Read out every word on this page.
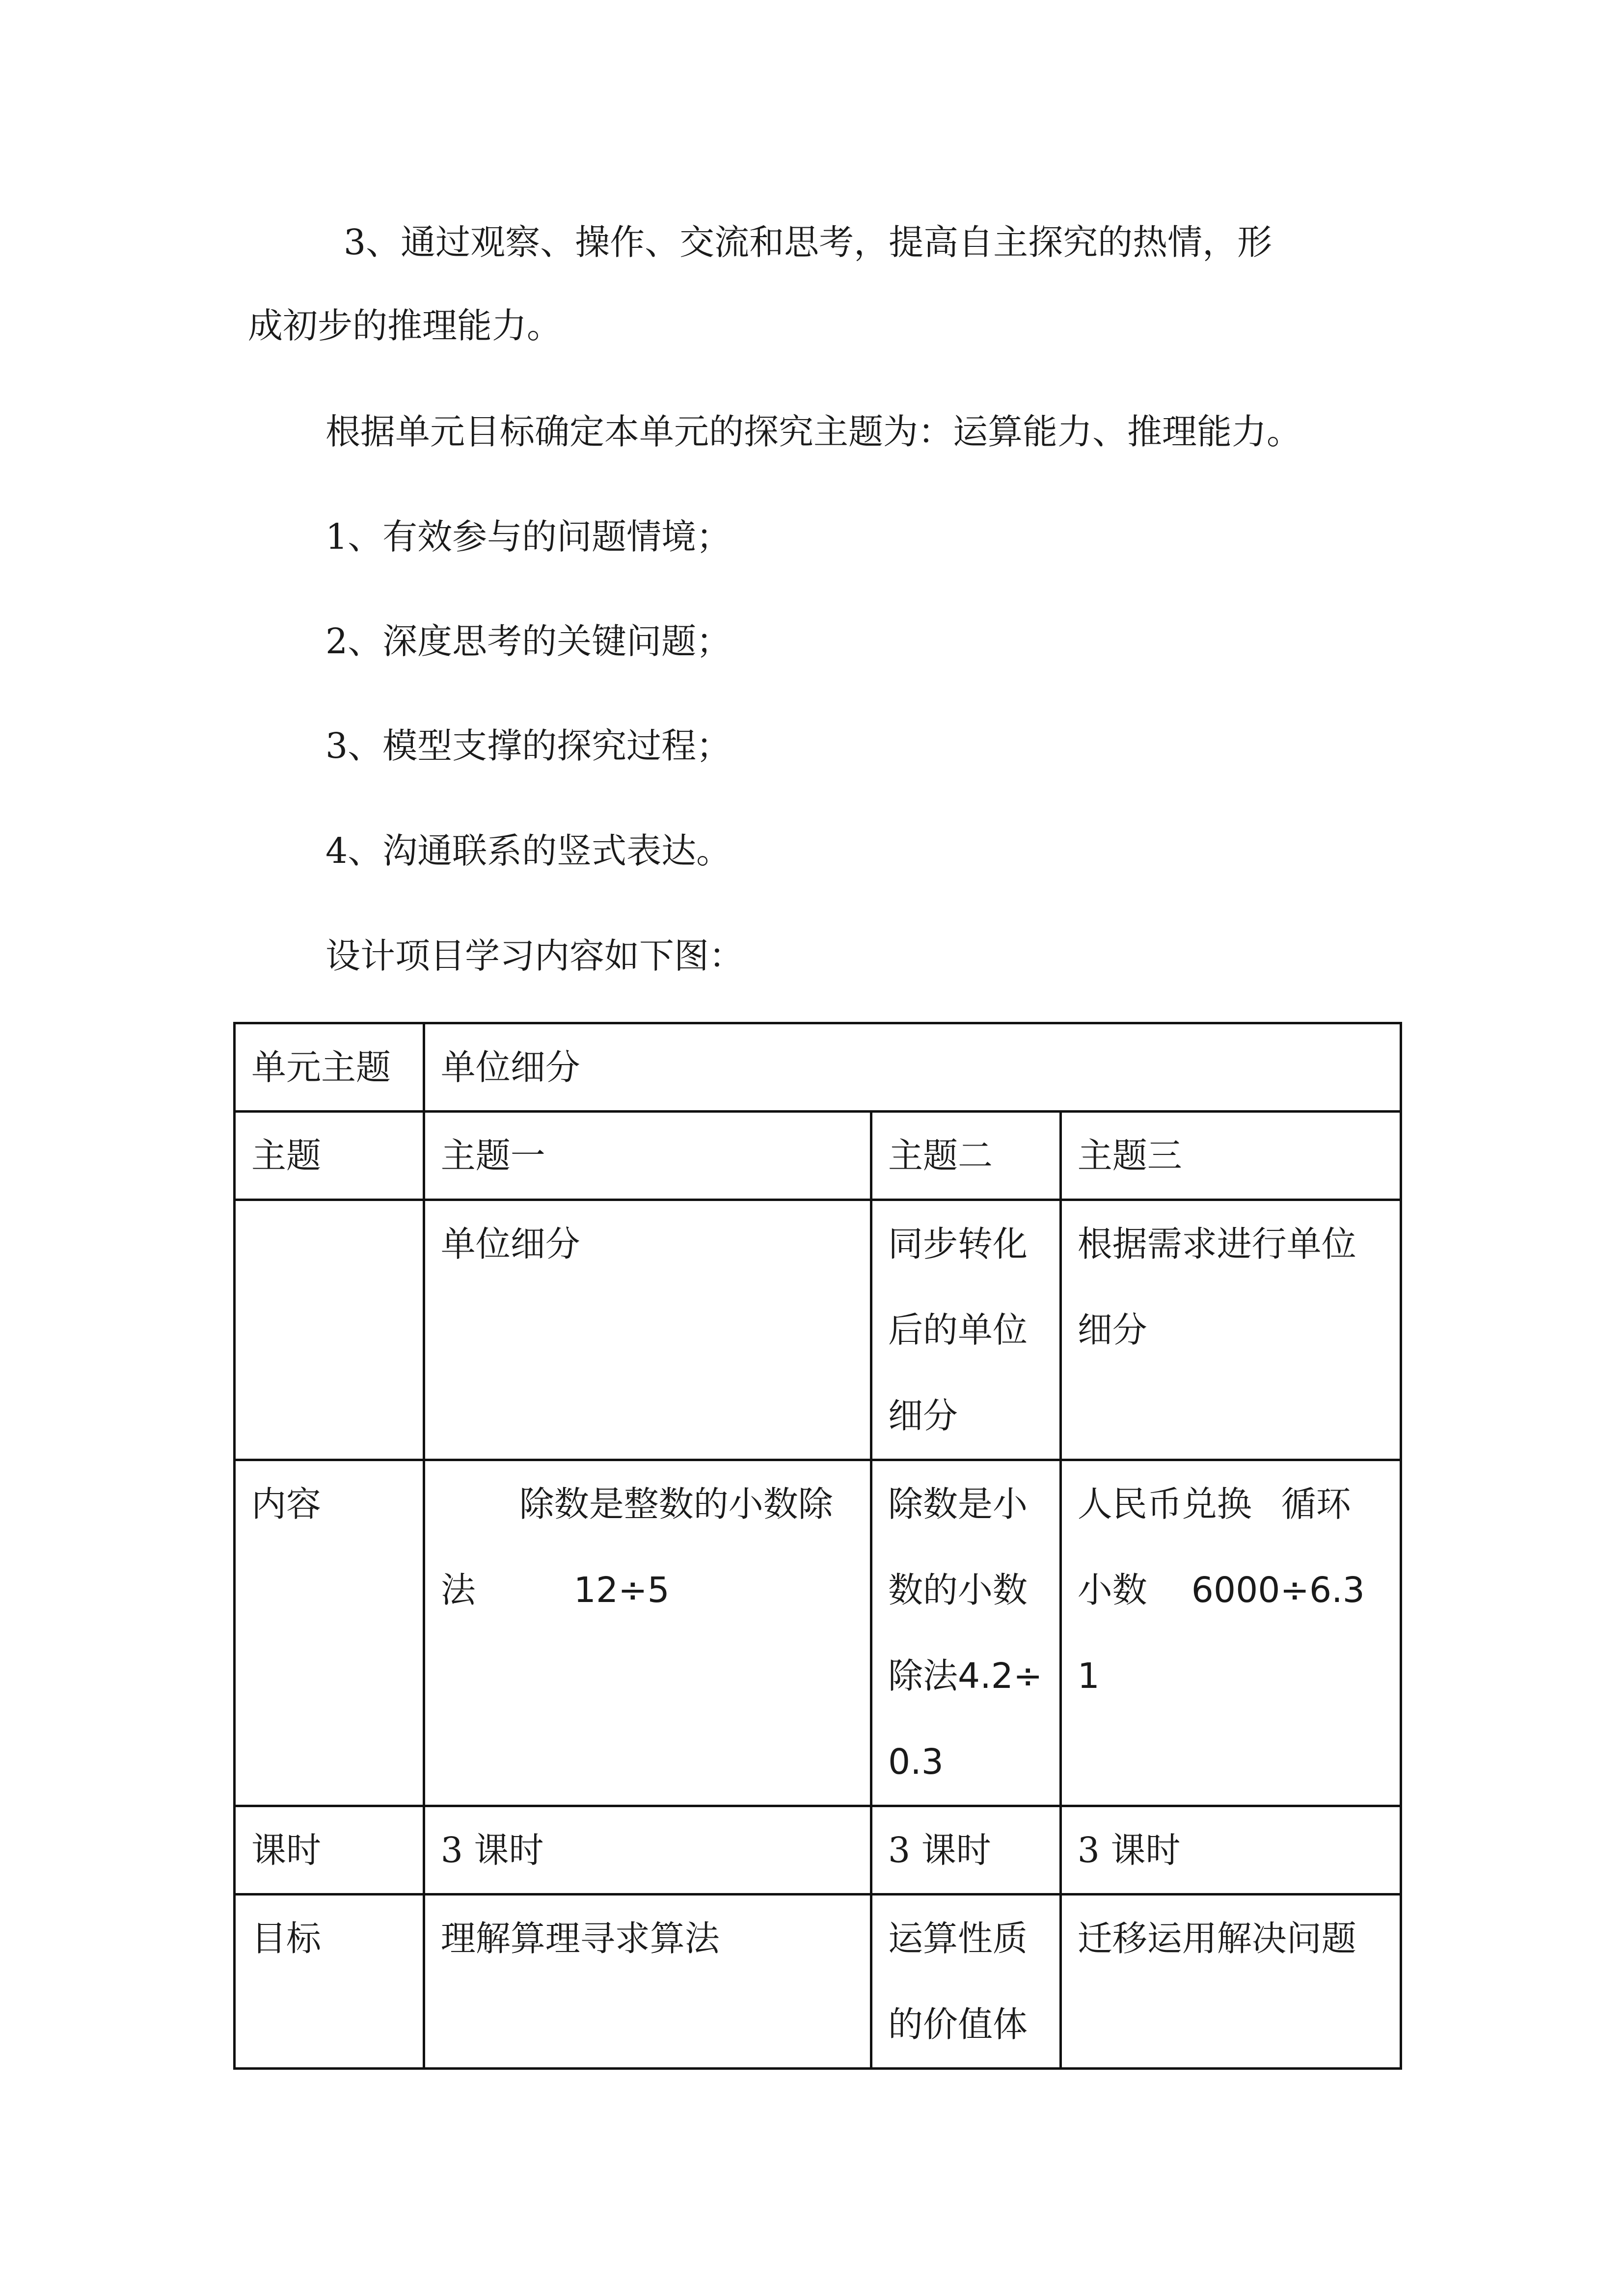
3、通过观察、操作、交流和思考，提高自主探究的热情，形
成初步的推理能力。
根据单元目标确定本单元的探究主题为：运算能力、推理能力。
1、有效参与的问题情境；
2、深度思考的关键问题；
3、模型支撑的探究过程；
4、沟通联系的竖式表达。
设计项目学习内容如下图：
单元主题	单位细分		
主题	主题一	主题二	主题三
	单位细分	同步转化后的单位细分	根据需求进行单位细分
内容	除数是整数的小数除法 12÷5	除数是小数的小数除法4.2÷0.3	人民币兑换 循环小数 6000÷6.31
课时	3 课时	3 课时	3 课时
目标	理解算理寻求算法	运算性质的价值体	迁移运用解决问题
